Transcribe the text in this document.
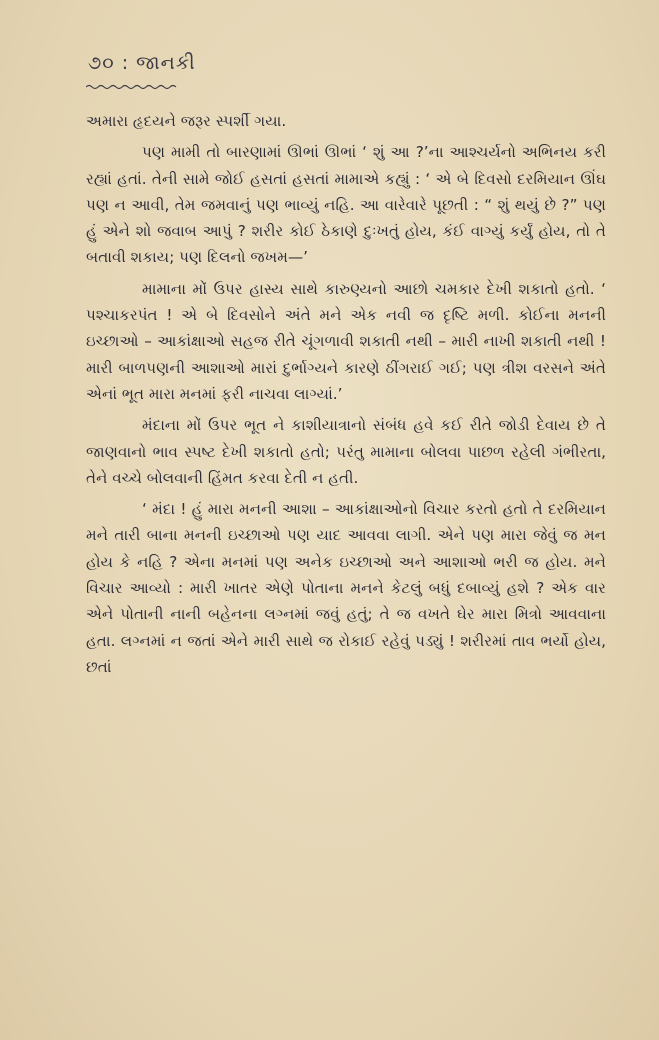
૭૦ : જાનકી

અમારા હૃદયને જરૂર સ્પર્શી ગયા.

પણ મામી તો બારણામાં ઊભાં ઊભાં ‘ શું આ ?’ના આશ્ચર્યનો અભિનય કરી રહ્યાં હતાં. તેની સામે જોઈ હસતાં હસતાં મામાએ કહ્યું : ‘ એ બે દિવસો દરમિયાન ઊંઘ પણ ન આવી, તેમ જમવાનું પણ ભાવ્યું નહિ. આ વારેવારે પૂછતી : “ શું થયું છે ?” પણ હું એને શો જવાબ આપું ? શરીર કોઈ ઠેકાણે દુઃખતું હોય, કંઈ વાગ્યું કર્યું હોય, તો તે બતાવી શકાય; પણ દિલનો જખમ—’

મામાના મોં ઉપર હાસ્ય સાથે કારુણ્યનો આછો ચમકાર દેખી શકાતો હતો. ‘ પશ્ચાકરપંત ! એ બે દિવસોને અંતે મને એક નવી જ દૃષ્ટિ મળી. કોઈના મનની ઇચ્છાઓ – આકાંક્ષાઓ સહજ રીતે ચૂંગળાવી શકાતી નથી – મારી નાખી શકાતી નથી ! મારી બાળપણની આશાઓ મારાં દુર્ભાગ્યને કારણે ઠીંગરાઈ ગઈ; પણ ત્રીશ વરસને અંતે એનાં ભૂત મારા મનમાં ફરી નાચવા લાગ્યાં.’

મંદાના મોં ઉપર ભૂત ને કાશીયાત્રાનો સંબંધ હવે કઈ રીતે જોડી દેવાય છે તે જાણવાનો ભાવ સ્પષ્ટ દેખી શકાતો હતો; પરંતુ મામાના બોલવા પાછળ રહેલી ગંભીરતા, તેને વચ્ચે બોલવાની હિંમત કરવા દેતી ન હતી.

‘ મંદા ! હું મારા મનની આશા – આકાંક્ષાઓનો વિચાર કરતો હતો તે દરમિયાન મને તારી બાના મનની ઇચ્છાઓ પણ યાદ આવવા લાગી. એને પણ મારા જેવું જ મન હોય કે નહિ ? એના મનમાં પણ અનેક ઇચ્છાઓ અને આશાઓ ભરી જ હોય. મને વિચાર આવ્યો : મારી ખાતર એણે પોતાના મનને કેટલું બધું દબાવ્યું હશે ? એક વાર એને પોતાની નાની બહેનના લગ્નમાં જવું હતું; તે જ વખતે ઘેર મારા મિત્રો આવવાના હતા. લગ્નમાં ન જતાં એને મારી સાથે જ રોકાઈ રહેવું પડ્યું ! શરીરમાં તાવ ભર્યો હોય, છતાં
